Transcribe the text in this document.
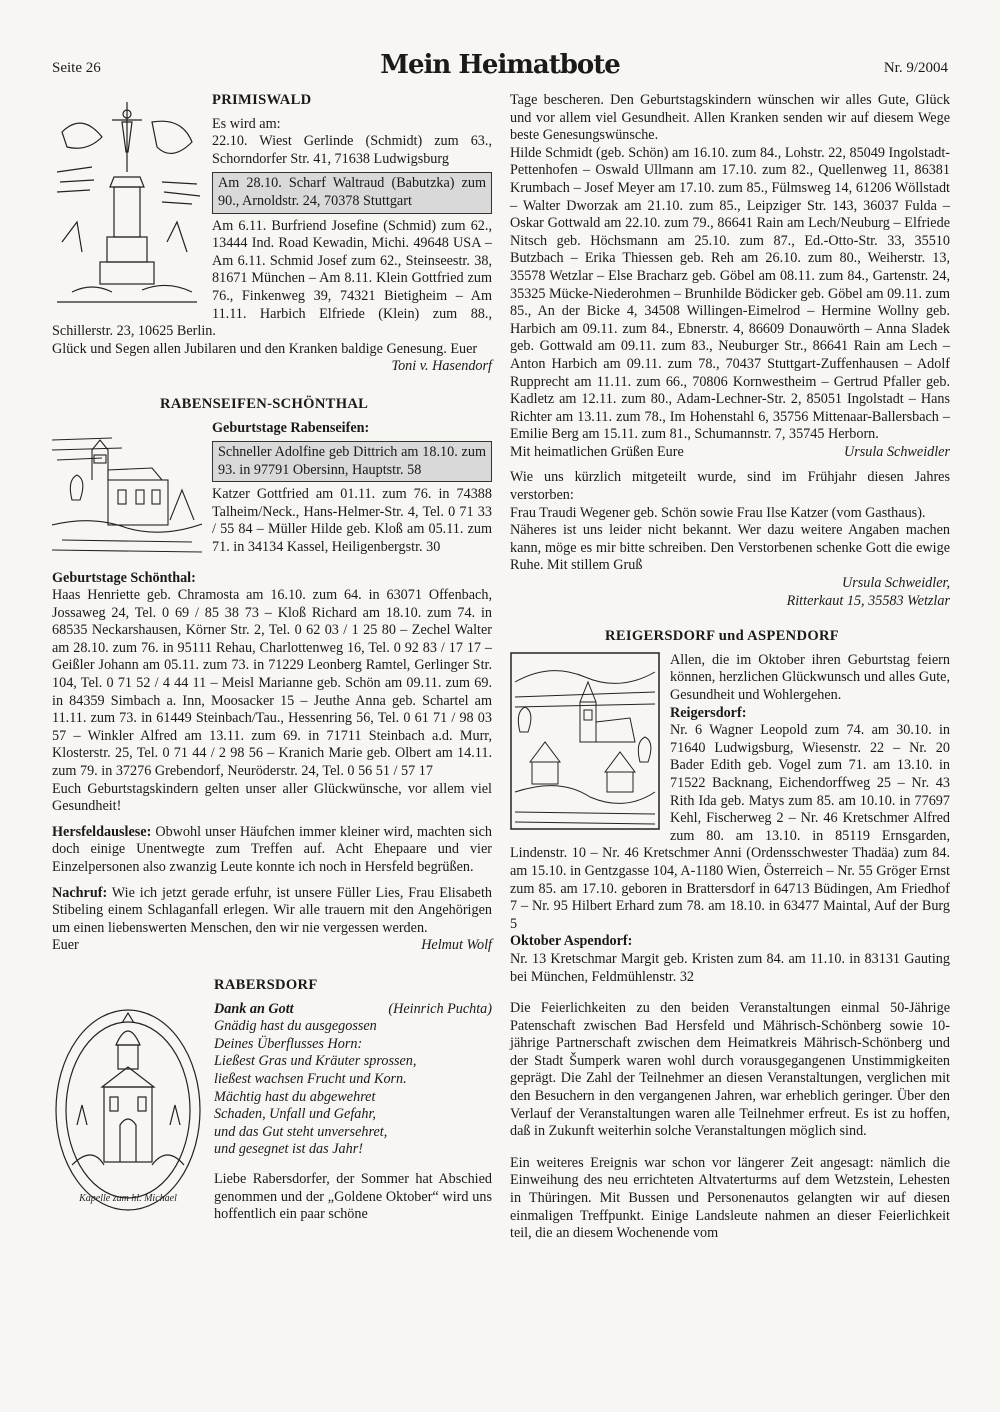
Seite 26	Mein Heimatbote	Nr. 9/2004
PRIMISWALD

Es wird am:

22.10. Wiest Gerlinde (Schmidt) zum 63., Schorndorfer Str. 41, 71638 Ludwigsburg

Am 28.10. Scharf Waltraud (Babutzka) zum 90., Arnoldstr. 24, 70378 Stuttgart

Am 6.11. Burfriend Josefine (Schmid) zum 62., 13444 Ind. Road Kewadin, Michi. 49648 USA – Am 6.11. Schmid Josef zum 62., Steinseestr. 38, 81671 München – Am 8.11. Klein Gottfried zum 76., Finkenweg 39, 74321 Bietigheim – Am 11.11. Harbich Elfriede (Klein) zum 88., Schillerstr. 23, 10625 Berlin.

Glück und Segen allen Jubilaren und den Kranken baldige Genesung. Euer

Toni v. Hasendorf

RABENSEIFEN-SCHÖNTHAL

Geburtstage Rabenseifen:

Schneller Adolfine geb Dittrich am 18.10. zum 93. in 97791 Obersinn, Hauptstr. 58

Katzer Gottfried am 01.11. zum 76. in 74388 Talheim/Neck., Hans-Helmer-Str. 4, Tel. 0 71 33 / 55 84 – Müller Hilde geb. Kloß am 05.11. zum 71. in 34134 Kassel, Heiligenbergstr. 30

Geburtstage Schönthal:

Haas Henriette geb. Chramosta am 16.10. zum 64. in 63071 Offenbach, Jossaweg 24, Tel. 0 69 / 85 38 73 – Kloß Richard am 18.10. zum 74. in 68535 Neckarshausen, Körner Str. 2, Tel. 0 62 03 / 1 25 80 – Zechel Walter am 28.10. zum 76. in 95111 Rehau, Charlottenweg 16, Tel. 0 92 83 / 17 17 – Geißler Johann am 05.11. zum 73. in 71229 Leonberg Ramtel, Gerlinger Str. 104, Tel. 0 71 52 / 4 44 11 – Meisl Marianne geb. Schön am 09.11. zum 69. in 84359 Simbach a. Inn, Moosacker 15 – Jeuthe Anna geb. Schartel am 11.11. zum 73. in 61449 Steinbach/Tau., Hessenring 56, Tel. 0 61 71 / 98 03 57 – Winkler Alfred am 13.11. zum 69. in 71711 Steinbach a.d. Murr, Klosterstr. 25, Tel. 0 71 44 / 2 98 56 – Kranich Marie geb. Olbert am 14.11. zum 79. in 37276 Grebendorf, Neuröderstr. 24, Tel. 0 56 51 / 57 17

Euch Geburtstagskindern gelten unser aller Glückwünsche, vor allem viel Gesundheit!

Hersfeldauslese: Obwohl unser Häufchen immer kleiner wird, machten sich doch einige Unentwegte zum Treffen auf. Acht Ehepaare und vier Einzelpersonen also zwanzig Leute konnte ich noch in Hersfeld begrüßen.

Nachruf: Wie ich jetzt gerade erfuhr, ist unsere Füller Lies, Frau Elisabeth Stibeling einem Schlaganfall erlegen. Wir alle trauern mit den Angehörigen um einen liebenswerten Menschen, den wir nie vergessen werden.

Euer	Helmut Wolf
Kapelle zum hl. Michael
RABERSDORF
Dank an Gott	(Heinrich Puchta)
Gnädig hast du ausgegossen
Deines Überflusses Horn:
Ließest Gras und Kräuter sprossen,
ließest wachsen Frucht und Korn.
Mächtig hast du abgewehret
Schaden, Unfall und Gefahr,
und das Gut steht unversehret,
und gesegnet ist das Jahr!

Liebe Rabersdorfer, der Sommer hat Abschied genommen und der „Goldene Oktober“ wird uns hoffentlich ein paar schöne

Tage bescheren. Den Geburtstagskindern wünschen wir alles Gute, Glück und vor allem viel Gesundheit. Allen Kranken senden wir auf diesem Wege beste Genesungswünsche.

Hilde Schmidt (geb. Schön) am 16.10. zum 84., Lohstr. 22, 85049 Ingolstadt-Pettenhofen – Oswald Ullmann am 17.10. zum 82., Quellenweg 11, 86381 Krumbach – Josef Meyer am 17.10. zum 85., Fülmsweg 14, 61206 Wöllstadt – Walter Dworzak am 21.10. zum 85., Leipziger Str. 143, 36037 Fulda – Oskar Gottwald am 22.10. zum 79., 86641 Rain am Lech/Neuburg – Elfriede Nitsch geb. Höchsmann am 25.10. zum 87., Ed.-Otto-Str. 33, 35510 Butzbach – Erika Thiessen geb. Reh am 26.10. zum 80., Weiherstr. 13, 35578 Wetzlar – Else Bracharz geb. Göbel am 08.11. zum 84., Gartenstr. 24, 35325 Mücke-Niederohmen – Brunhilde Bödicker geb. Göbel am 09.11. zum 85., An der Bicke 4, 34508 Willingen-Eimelrod – Hermine Wollny geb. Harbich am 09.11. zum 84., Ebnerstr. 4, 86609 Donauwörth – Anna Sladek geb. Gottwald am 09.11. zum 83., Neuburger Str., 86641 Rain am Lech – Anton Harbich am 09.11. zum 78., 70437 Stuttgart-Zuffenhausen – Adolf Rupprecht am 11.11. zum 66., 70806 Kornwestheim – Gertrud Pfaller geb. Kadletz am 12.11. zum 80., Adam-Lechner-Str. 2, 85051 Ingolstadt – Hans Richter am 13.11. zum 78., Im Hohenstahl 6, 35756 Mittenaar-Ballersbach – Emilie Berg am 15.11. zum 81., Schumannstr. 7, 35745 Herborn.

Mit heimatlichen Grüßen Eure	Ursula Schweidler

Wie uns kürzlich mitgeteilt wurde, sind im Frühjahr diesen Jahres verstorben:

Frau Traudi Wegener geb. Schön sowie Frau Ilse Katzer (vom Gasthaus).

Näheres ist uns leider nicht bekannt. Wer dazu weitere Angaben machen kann, möge es mir bitte schreiben. Den Verstorbenen schenke Gott die ewige Ruhe. Mit stillem Gruß

Ursula Schweidler,

Ritterkaut 15, 35583 Wetzlar

REIGERSDORF und ASPENDORF

Allen, die im Oktober ihren Geburtstag feiern können, herzlichen Glückwunsch und alles Gute, Gesundheit und Wohlergehen.

Reigersdorf:

Nr. 6 Wagner Leopold zum 74. am 30.10. in 71640 Ludwigsburg, Wiesenstr. 22 – Nr. 20 Bader Edith geb. Vogel zum 71. am 13.10. in 71522 Backnang, Eichendorffweg 25 – Nr. 43 Rith Ida geb. Matys zum 85. am 10.10. in 77697 Kehl, Fischerweg 2 – Nr. 46 Kretschmer Alfred zum 80. am 13.10. in 85119 Ernsgarden, Lindenstr. 10 – Nr. 46 Kretschmer Anni (Ordensschwester Thadäa) zum 84. am 15.10. in Gentzgasse 104, A-1180 Wien, Österreich – Nr. 55 Gröger Ernst zum 85. am 17.10. geboren in Brattersdorf in 64713 Büdingen, Am Friedhof 7 – Nr. 95 Hilbert Erhard zum 78. am 18.10. in 63477 Maintal, Auf der Burg 5

Oktober Aspendorf:

Nr. 13 Kretschmar Margit geb. Kristen zum 84. am 11.10. in 83131 Gauting bei München, Feldmühlenstr. 32

Die Feierlichkeiten zu den beiden Veranstaltungen einmal 50-Jährige Patenschaft zwischen Bad Hersfeld und Mährisch-Schönberg sowie 10-jährige Partnerschaft zwischen dem Heimatkreis Mährisch-Schönberg und der Stadt Šumperk waren wohl durch vorausgegangenen Unstimmigkeiten geprägt. Die Zahl der Teilnehmer an diesen Veranstaltungen, verglichen mit den Besuchern in den vergangenen Jahren, war erheblich geringer. Über den Verlauf der Veranstaltungen waren alle Teilnehmer erfreut. Es ist zu hoffen, daß in Zukunft weiterhin solche Veranstaltungen möglich sind.

Ein weiteres Ereignis war schon vor längerer Zeit angesagt: nämlich die Einweihung des neu errichteten Altvaterturms auf dem Wetzstein, Lehesten in Thüringen. Mit Bussen und Personenautos gelangten wir auf diesen einmaligen Treffpunkt. Einige Landsleute nahmen an dieser Feierlichkeit teil, die an diesem Wochenende vom
